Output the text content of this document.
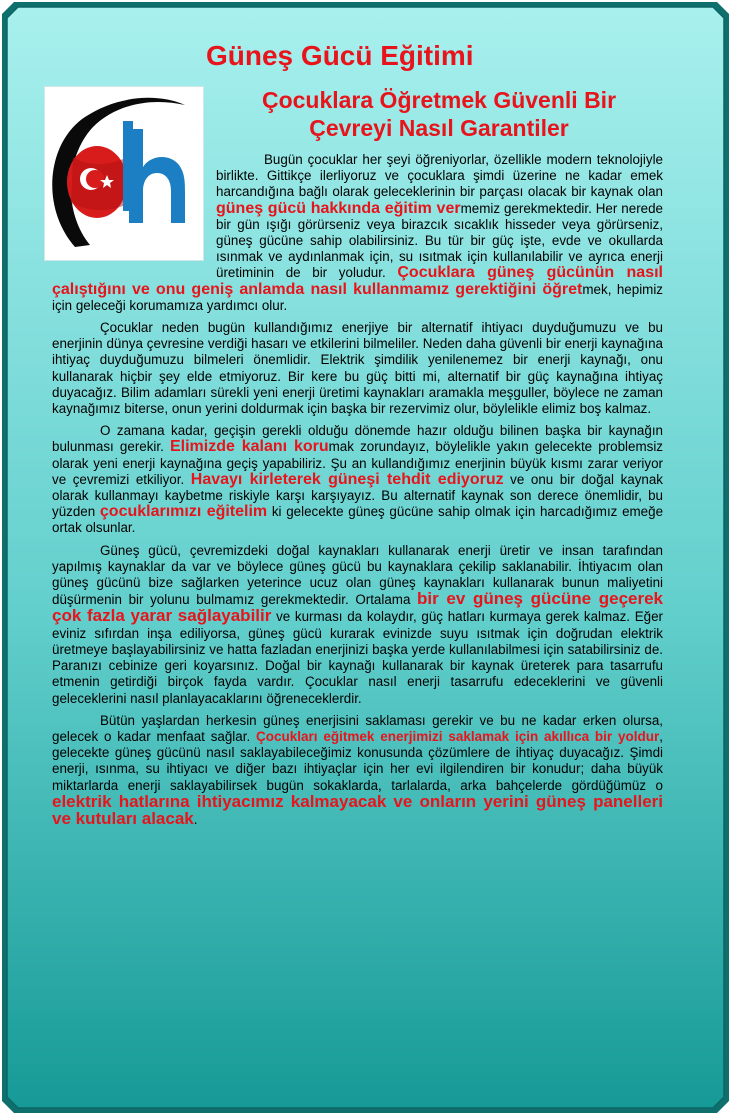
Güneş Gücü Eğitimi
Çocuklara Öğretmek Güvenli Bir
Çevreyi Nasıl Garantiler

Bugün çocuklar her şeyi öğreniyorlar, özellikle modern teknolojiyle birlikte. Gittikçe ilerliyoruz ve çocuklara şimdi üzerine ne kadar emek harcandığına bağlı olarak geleceklerinin bir parçası olacak bir kaynak olan güneş gücü hakkında eğitim vermemiz gerekmektedir. Her nerede bir gün ışığı görürseniz veya birazcık sıcaklık hisseder veya görürseniz, güneş gücüne sahip olabilirsiniz. Bu tür bir güç işte, evde ve okullarda ısınmak ve aydınlanmak için, su ısıtmak için kullanılabilir ve ayrıca enerji üretiminin de bir yoludur. Çocuklara güneş gücünün nasıl çalıştığını ve onu geniş anlamda nasıl kullanmamız gerektiğini öğretmek, hepimiz için geleceği korumamıza yardımcı olur.

Çocuklar neden bugün kullandığımız enerjiye bir alternatif ihtiyacı duyduğumuzu ve bu enerjinin dünya çevresine verdiği hasarı ve etkilerini bilmeliler. Neden daha güvenli bir enerji kaynağına ihtiyaç duyduğumuzu bilmeleri önemlidir. Elektrik şimdilik yenilenemez bir enerji kaynağı, onu kullanarak hiçbir şey elde etmiyoruz. Bir kere bu güç bitti mi, alternatif bir güç kaynağına ihtiyaç duyacağız. Bilim adamları sürekli yeni enerji üretimi kaynakları aramakla meşguller, böylece ne zaman kaynağımız biterse, onun yerini doldurmak için başka bir rezervimiz olur, böylelikle elimiz boş kalmaz.

O zamana kadar, geçişin gerekli olduğu dönemde hazır olduğu bilinen başka bir kaynağın bulunması gerekir. Elimizde kalanı korumak zorundayız, böylelikle yakın gelecekte problemsiz olarak yeni enerji kaynağına geçiş yapabiliriz. Şu an kullandığımız enerjinin büyük kısmı zarar veriyor ve çevremizi etkiliyor. Havayı kirleterek güneşi tehdit ediyoruz ve onu bir doğal kaynak olarak kullanmayı kaybetme riskiyle karşı karşıyayız. Bu alternatif kaynak son derece önemlidir, bu yüzden çocuklarımızı eğitelim ki gelecekte güneş gücüne sahip olmak için harcadığımız emeğe ortak olsunlar.

Güneş gücü, çevremizdeki doğal kaynakları kullanarak enerji üretir ve insan tarafından yapılmış kaynaklar da var ve böylece güneş gücü bu kaynaklara çekilip saklanabilir. İhtiyacım olan güneş gücünü bize sağlarken yeterince ucuz olan güneş kaynakları kullanarak bunun maliyetini düşürmenin bir yolunu bulmamız gerekmektedir. Ortalama bir ev güneş gücüne geçerek çok fazla yarar sağlayabilir ve kurması da kolaydır, güç hatları kurmaya gerek kalmaz. Eğer eviniz sıfırdan inşa ediliyorsa, güneş gücü kurarak evinizde suyu ısıtmak için doğrudan elektrik üretmeye başlayabilirsiniz ve hatta fazladan enerjinizi başka yerde kullanılabilmesi için satabilirsiniz de. Paranızı cebinize geri koyarsınız. Doğal bir kaynağı kullanarak bir kaynak üreterek para tasarrufu etmenin getirdiği birçok fayda vardır. Çocuklar nasıl enerji tasarrufu edeceklerini ve güvenli geleceklerini nasıl planlayacaklarını öğreneceklerdir.

Bütün yaşlardan herkesin güneş enerjisini saklaması gerekir ve bu ne kadar erken olursa, gelecek o kadar menfaat sağlar. Çocukları eğitmek enerjimizi saklamak için akıllıca bir yoldur, gelecekte güneş gücünü nasıl saklayabileceğimiz konusunda çözümlere de ihtiyaç duyacağız. Şimdi enerji, ısınma, su ihtiyacı ve diğer bazı ihtiyaçlar için her evi ilgilendiren bir konudur; daha büyük miktarlarda enerji saklayabilirsek bugün sokaklarda, tarlalarda, arka bahçelerde gördüğümüz o elektrik hatlarına ihtiyacımız kalmayacak ve onların yerini güneş panelleri ve kutuları alacak.
